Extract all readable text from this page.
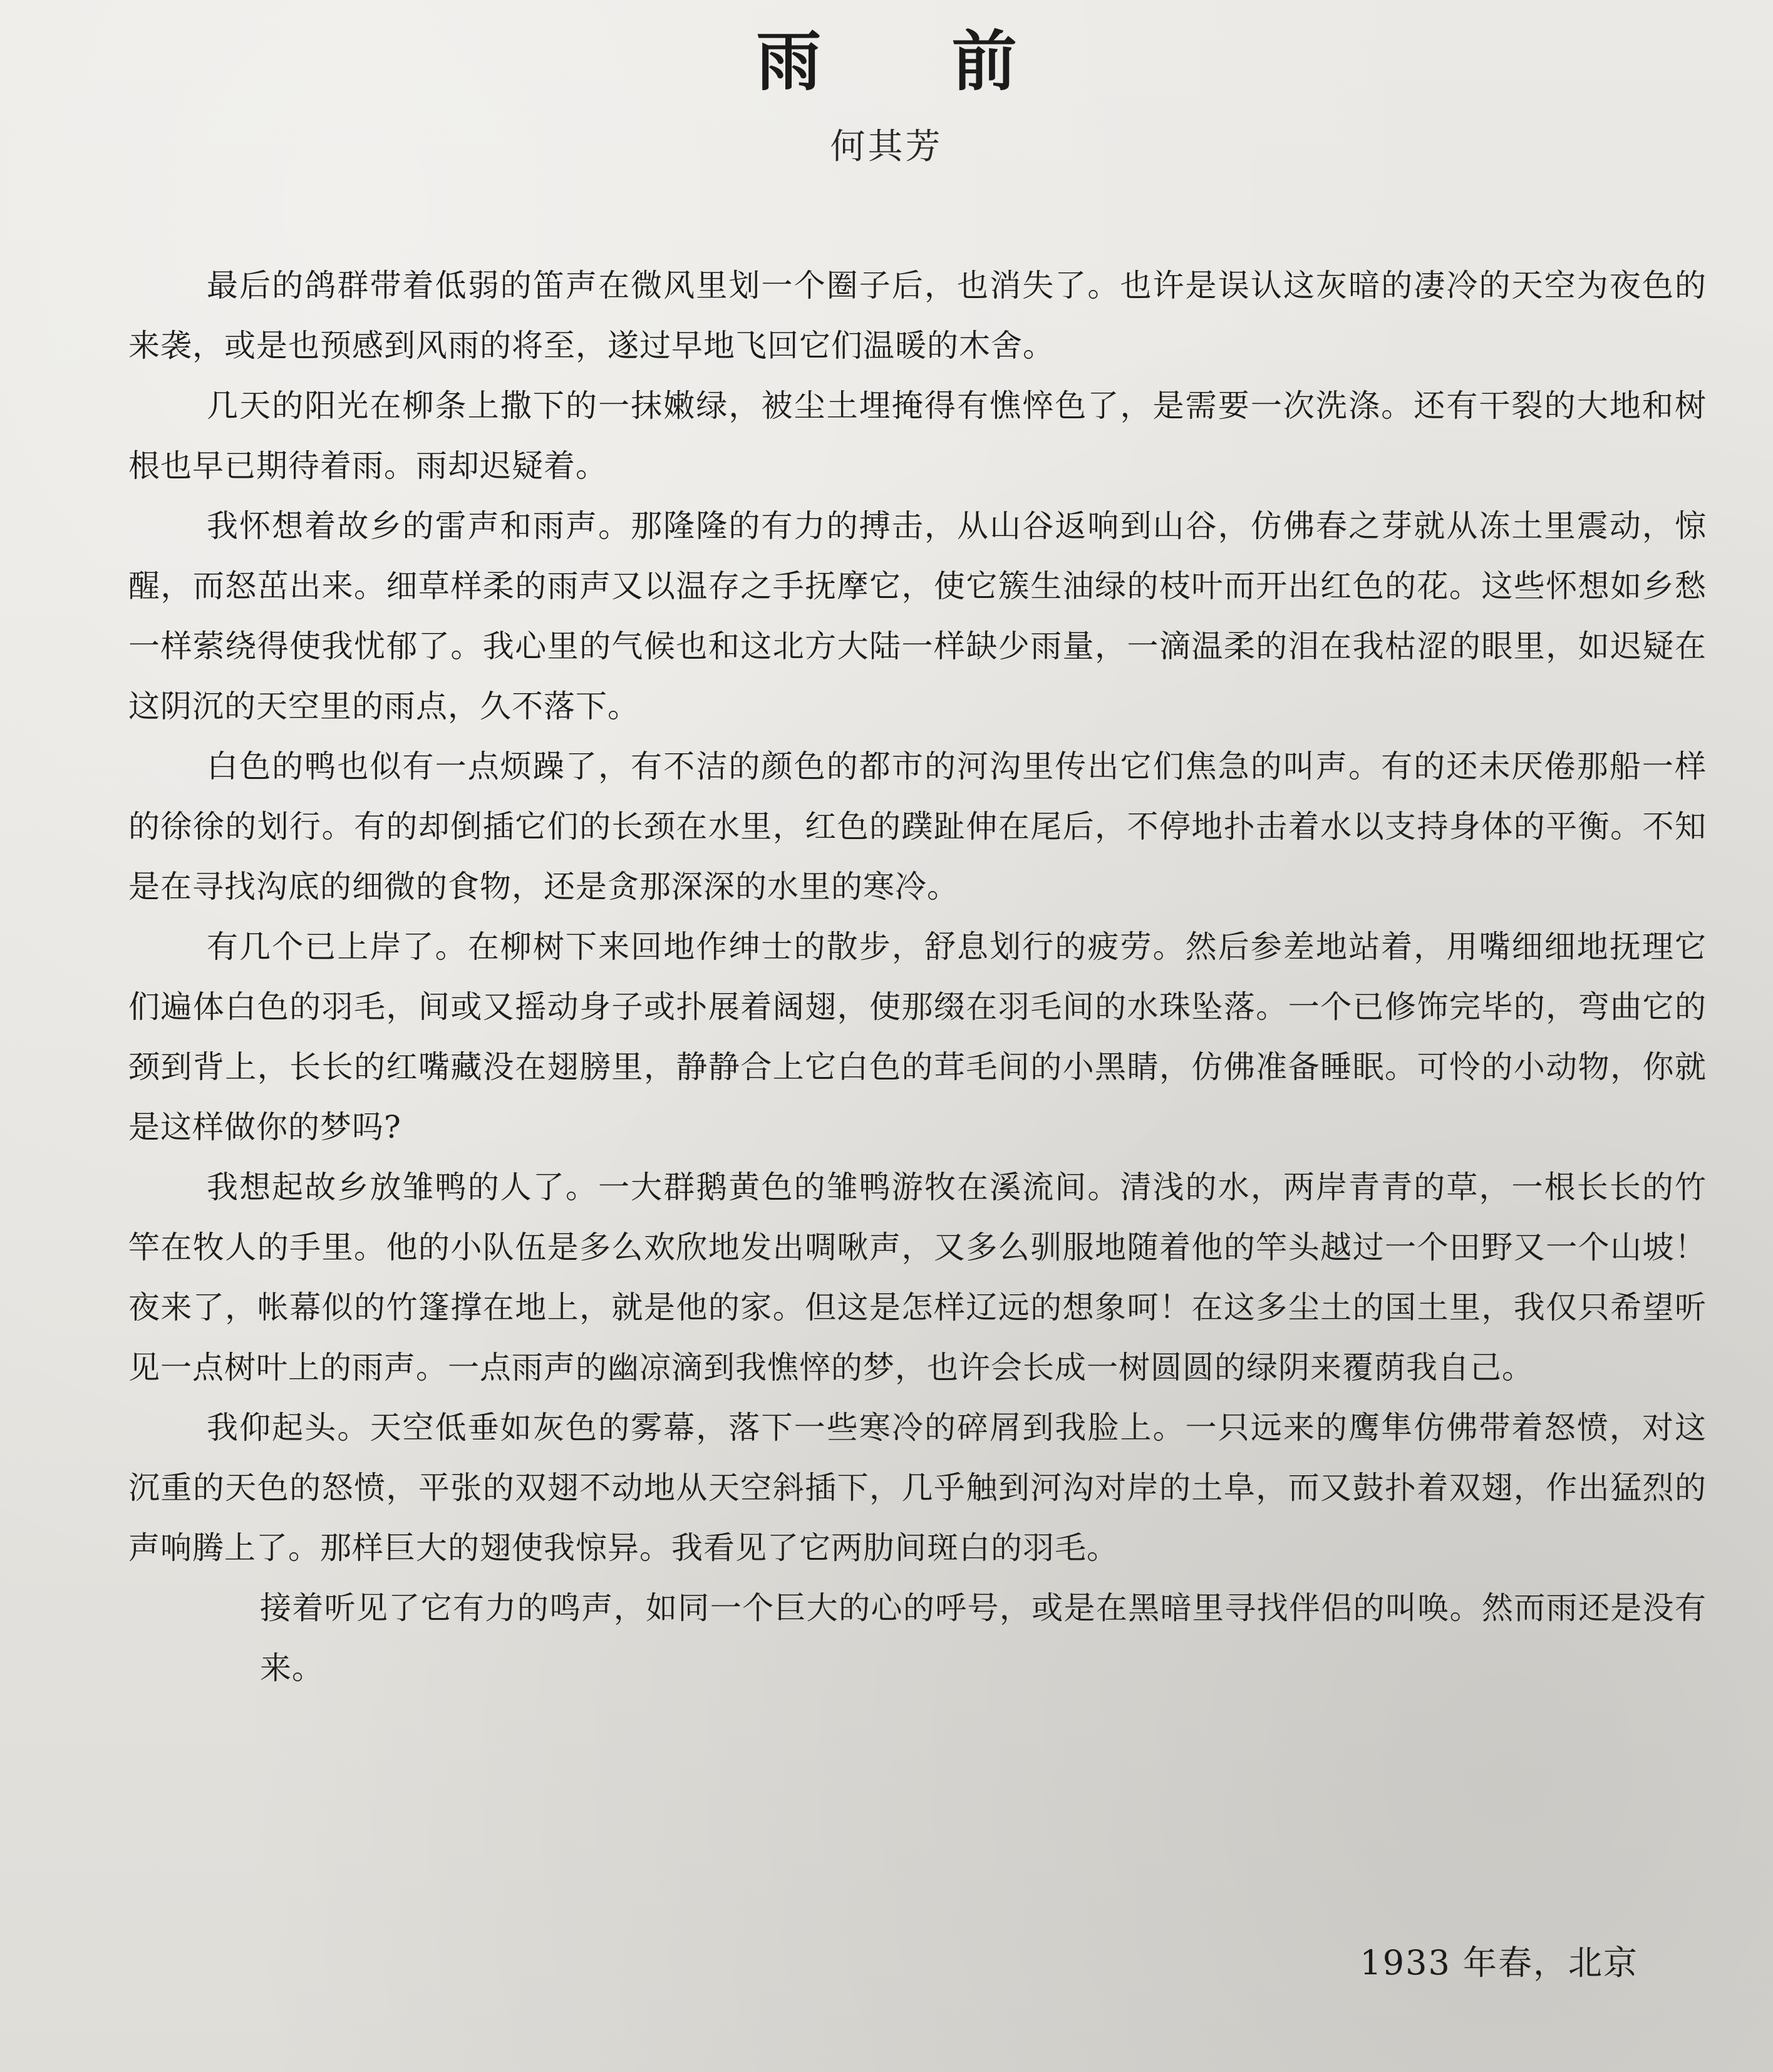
雨 前
何其芳

最后的鸽群带着低弱的笛声在微风里划一个圈子后，也消失了。也许是误认这灰暗的凄冷的天空为夜色的来袭，或是也预感到风雨的将至，遂过早地飞回它们温暖的木舍。

几天的阳光在柳条上撒下的一抹嫩绿，被尘土埋掩得有憔悴色了，是需要一次洗涤。还有干裂的大地和树根也早已期待着雨。雨却迟疑着。

我怀想着故乡的雷声和雨声。那隆隆的有力的搏击，从山谷返响到山谷，仿佛春之芽就从冻土里震动，惊醒，而怒茁出来。细草样柔的雨声又以温存之手抚摩它，使它簇生油绿的枝叶而开出红色的花。这些怀想如乡愁一样萦绕得使我忧郁了。我心里的气候也和这北方大陆一样缺少雨量，一滴温柔的泪在我枯涩的眼里，如迟疑在这阴沉的天空里的雨点，久不落下。

白色的鸭也似有一点烦躁了，有不洁的颜色的都市的河沟里传出它们焦急的叫声。有的还未厌倦那船一样的徐徐的划行。有的却倒插它们的长颈在水里，红色的蹼趾伸在尾后，不停地扑击着水以支持身体的平衡。不知是在寻找沟底的细微的食物，还是贪那深深的水里的寒冷。

有几个已上岸了。在柳树下来回地作绅士的散步，舒息划行的疲劳。然后参差地站着，用嘴细细地抚理它们遍体白色的羽毛，间或又摇动身子或扑展着阔翅，使那缀在羽毛间的水珠坠落。一个已修饰完毕的，弯曲它的颈到背上，长长的红嘴藏没在翅膀里，静静合上它白色的茸毛间的小黑睛，仿佛准备睡眠。可怜的小动物，你就是这样做你的梦吗?

我想起故乡放雏鸭的人了。一大群鹅黄色的雏鸭游牧在溪流间。清浅的水，两岸青青的草，一根长长的竹竿在牧人的手里。他的小队伍是多么欢欣地发出啁啾声，又多么驯服地随着他的竿头越过一个田野又一个山坡！夜来了，帐幕似的竹篷撑在地上，就是他的家。但这是怎样辽远的想象呵！在这多尘土的国土里，我仅只希望听见一点树叶上的雨声。一点雨声的幽凉滴到我憔悴的梦，也许会长成一树圆圆的绿阴来覆荫我自己。

我仰起头。天空低垂如灰色的雾幕，落下一些寒冷的碎屑到我脸上。一只远来的鹰隼仿佛带着怒愤，对这沉重的天色的怒愤，平张的双翅不动地从天空斜插下，几乎触到河沟对岸的土阜，而又鼓扑着双翅，作出猛烈的声响腾上了。那样巨大的翅使我惊异。我看见了它两肋间斑白的羽毛。

接着听见了它有力的鸣声，如同一个巨大的心的呼号，或是在黑暗里寻找伴侣的叫唤。然而雨还是没有来。

1933 年春，北京
